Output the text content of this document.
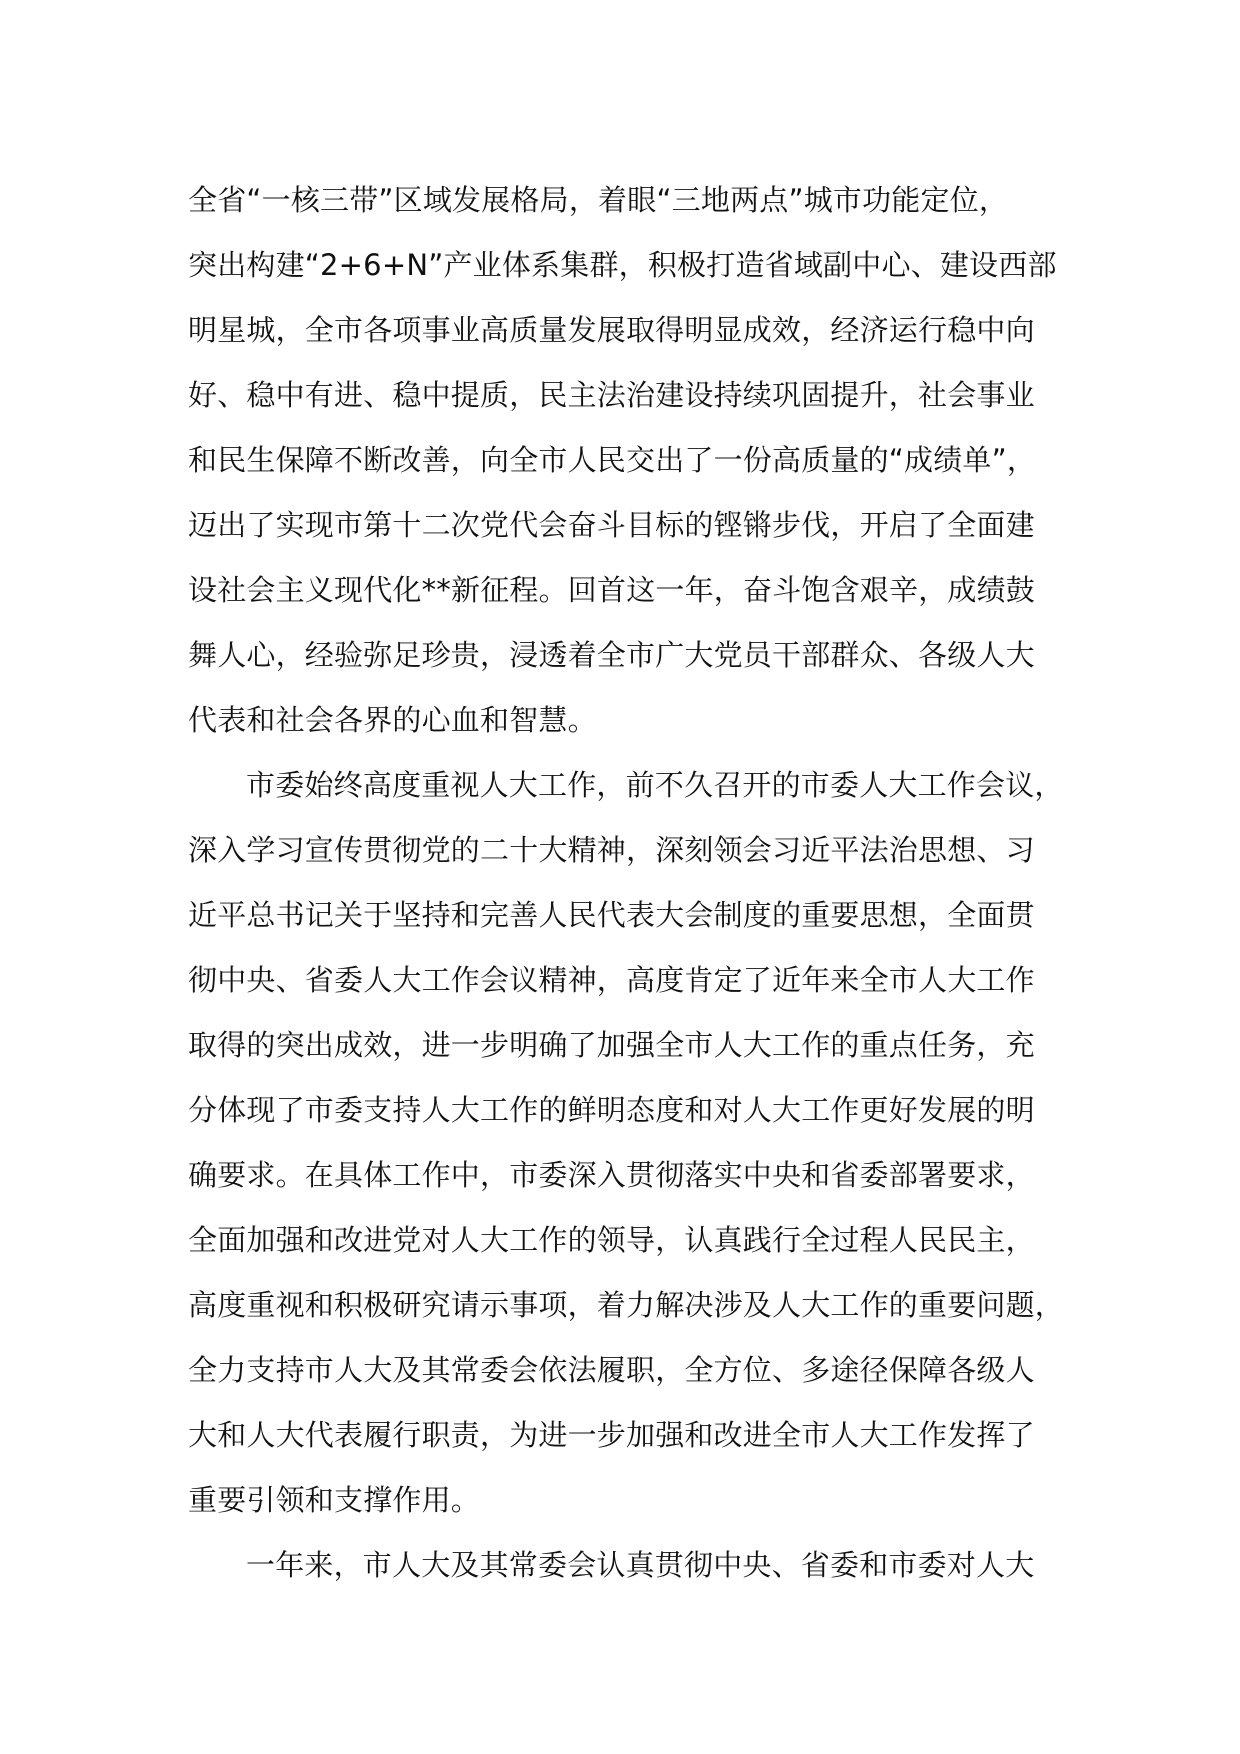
全省“一核三带”区域发展格局，着眼“三地两点”城市功能定位，
突出构建“2+6+N”产业体系集群，积极打造省域副中心、建设西部
明星城，全市各项事业高质量发展取得明显成效，经济运行稳中向
好、稳中有进、稳中提质，民主法治建设持续巩固提升，社会事业
和民生保障不断改善，向全市人民交出了一份高质量的“成绩单”，
迈出了实现市第十二次党代会奋斗目标的铿锵步伐，开启了全面建
设社会主义现代化**新征程。回首这一年，奋斗饱含艰辛，成绩鼓
舞人心，经验弥足珍贵，浸透着全市广大党员干部群众、各级人大
代表和社会各界的心血和智慧。
市委始终高度重视人大工作，前不久召开的市委人大工作会议，
深入学习宣传贯彻党的二十大精神，深刻领会习近平法治思想、习
近平总书记关于坚持和完善人民代表大会制度的重要思想，全面贯
彻中央、省委人大工作会议精神，高度肯定了近年来全市人大工作
取得的突出成效，进一步明确了加强全市人大工作的重点任务，充
分体现了市委支持人大工作的鲜明态度和对人大工作更好发展的明
确要求。在具体工作中，市委深入贯彻落实中央和省委部署要求，
全面加强和改进党对人大工作的领导，认真践行全过程人民民主，
高度重视和积极研究请示事项，着力解决涉及人大工作的重要问题，
全力支持市人大及其常委会依法履职，全方位、多途径保障各级人
大和人大代表履行职责，为进一步加强和改进全市人大工作发挥了
重要引领和支撑作用。
一年来，市人大及其常委会认真贯彻中央、省委和市委对人大
